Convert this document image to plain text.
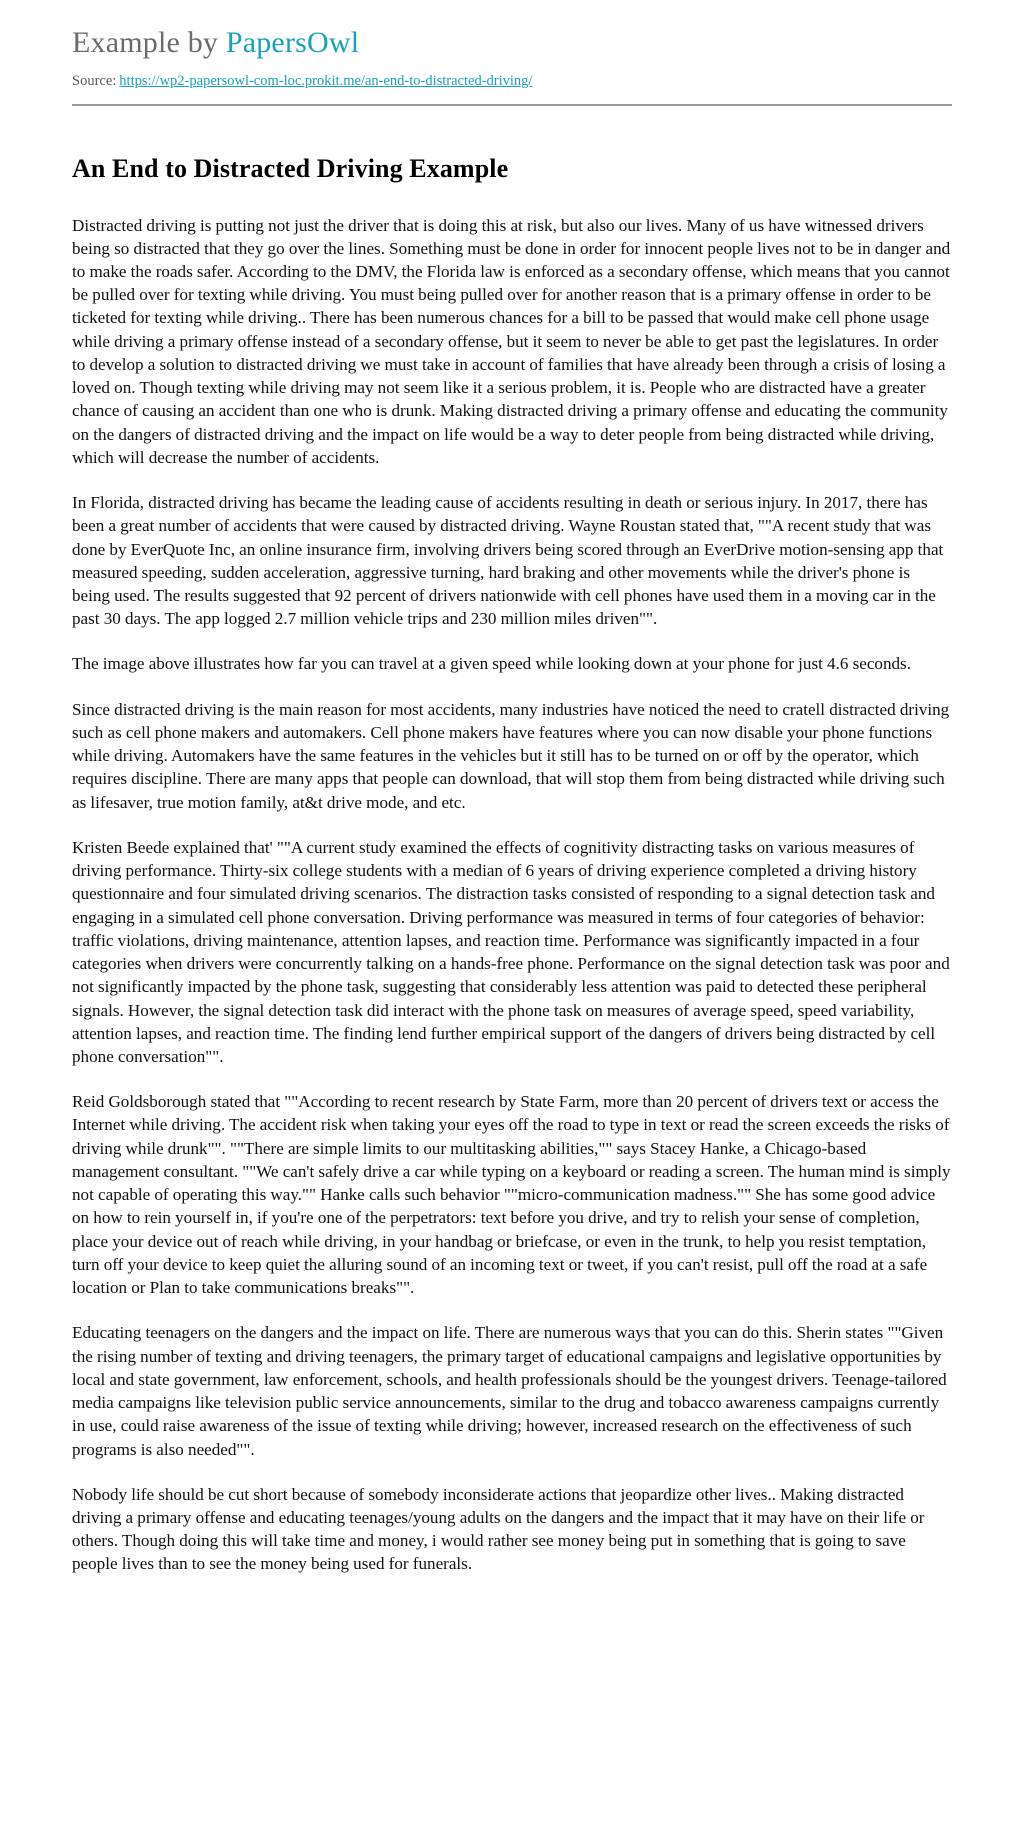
Example by PapersOwl
Source: https://wp2-papersowl-com-loc.prokit.me/an-end-to-distracted-driving/
An End to Distracted Driving Example

Distracted driving is putting not just the driver that is doing this at risk, but also our lives. Many of us have witnessed drivers being so distracted that they go over the lines. Something must be done in order for innocent people lives not to be in danger and to make the roads safer. According to the DMV, the Florida law is enforced as a secondary offense, which means that you cannot be pulled over for texting while driving. You must being pulled over for another reason that is a primary offense in order to be ticketed for texting while driving.. There has been numerous chances for a bill to be passed that would make cell phone usage while driving a primary offense instead of a secondary offense, but it seem to never be able to get past the legislatures. In order to develop a solution to distracted driving we must take in account of families that have already been through a crisis of losing a loved on. Though texting while driving may not seem like it a serious problem, it is. People who are distracted have a greater chance of causing an accident than one who is drunk. Making distracted driving a primary offense and educating the community on the dangers of distracted driving and the impact on life would be a way to deter people from being distracted while driving, which will decrease the number of accidents.

In Florida, distracted driving has became the leading cause of accidents resulting in death or serious injury. In 2017, there has been a great number of accidents that were caused by distracted driving. Wayne Roustan stated that, ""A recent study that was done by EverQuote Inc, an online insurance firm, involving drivers being scored through an EverDrive motion-sensing app that measured speeding, sudden acceleration, aggressive turning, hard braking and other movements while the driver's phone is being used. The results suggested that 92 percent of drivers nationwide with cell phones have used them in a moving car in the past 30 days. The app logged 2.7 million vehicle trips and 230 million miles driven"".

The image above illustrates how far you can travel at a given speed while looking down at your phone for just 4.6 seconds.

Since distracted driving is the main reason for most accidents, many industries have noticed the need to cratell distracted driving such as cell phone makers and automakers. Cell phone makers have features where you can now disable your phone functions while driving. Automakers have the same features in the vehicles but it still has to be turned on or off by the operator, which requires discipline. There are many apps that people can download, that will stop them from being distracted while driving such as lifesaver, true motion family, at&t drive mode, and etc.

Kristen Beede explained that' ""A current study examined the effects of cognitivity distracting tasks on various measures of driving performance. Thirty-six college students with a median of 6 years of driving experience completed a driving history questionnaire and four simulated driving scenarios. The distraction tasks consisted of responding to a signal detection task and engaging in a simulated cell phone conversation. Driving performance was measured in terms of four categories of behavior: traffic violations, driving maintenance, attention lapses, and reaction time. Performance was significantly impacted in a four categories when drivers were concurrently talking on a hands-free phone. Performance on the signal detection task was poor and not significantly impacted by the phone task, suggesting that considerably less attention was paid to detected these peripheral signals. However, the signal detection task did interact with the phone task on measures of average speed, speed variability, attention lapses, and reaction time. The finding lend further empirical support of the dangers of drivers being distracted by cell phone conversation"".

Reid Goldsborough stated that ""According to recent research by State Farm, more than 20 percent of drivers text or access the Internet while driving. The accident risk when taking your eyes off the road to type in text or read the screen exceeds the risks of driving while drunk"". ""There are simple limits to our multitasking abilities,"" says Stacey Hanke, a Chicago-based management consultant. ""We can't safely drive a car while typing on a keyboard or reading a screen. The human mind is simply not capable of operating this way."" Hanke calls such behavior ""micro-communication madness."" She has some good advice on how to rein yourself in, if you're one of the perpetrators: text before you drive, and try to relish your sense of completion, place your device out of reach while driving, in your handbag or briefcase, or even in the trunk, to help you resist temptation, turn off your device to keep quiet the alluring sound of an incoming text or tweet, if you can't resist, pull off the road at a safe location or Plan to take communications breaks"".

Educating teenagers on the dangers and the impact on life. There are numerous ways that you can do this. Sherin states ""Given the rising number of texting and driving teenagers, the primary target of educational campaigns and legislative opportunities by local and state government, law enforcement, schools, and health professionals should be the youngest drivers. Teenage-tailored media campaigns like television public service announcements, similar to the drug and tobacco awareness campaigns currently in use, could raise awareness of the issue of texting while driving; however, increased research on the effectiveness of such programs is also needed"".

Nobody life should be cut short because of somebody inconsiderate actions that jeopardize other lives.. Making distracted driving a primary offense and educating teenages/young adults on the dangers and the impact that it may have on their life or others. Though doing this will take time and money, i would rather see money being put in something that is going to save people lives than to see the money being used for funerals.
